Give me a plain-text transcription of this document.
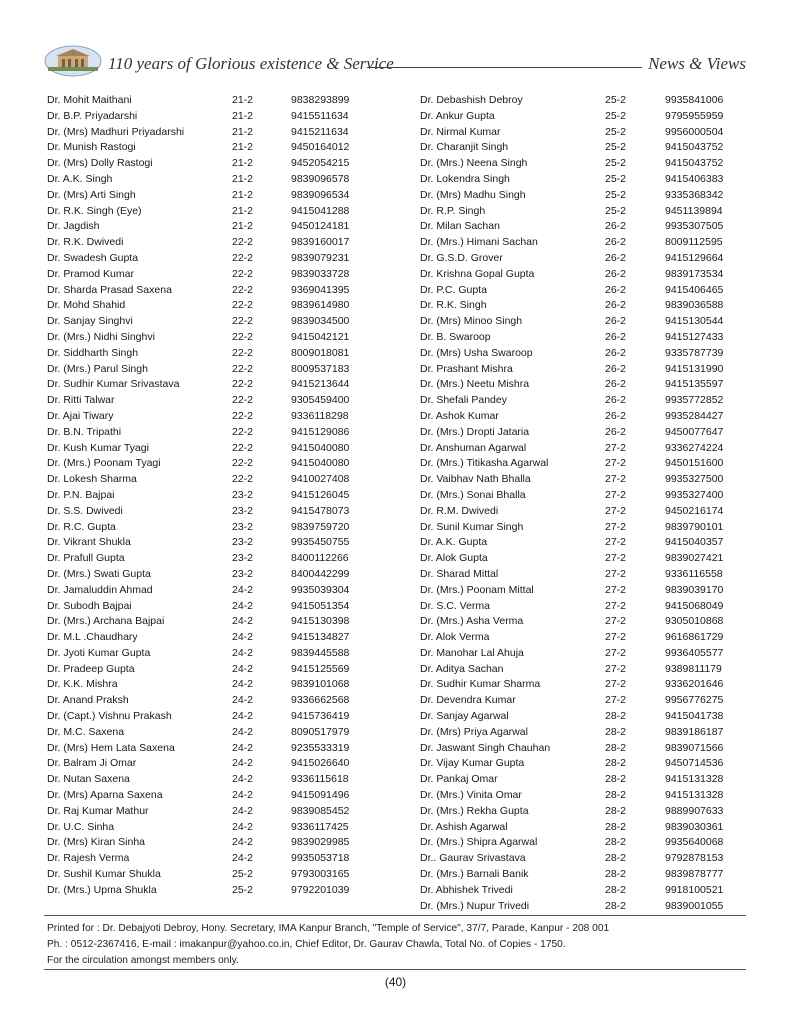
110 years of Glorious existence & Service	News & Views
Dr. Mohit Maithani	21-2	9838293899
Dr. B.P. Priyadarshi	21-2	9415511634
Dr. (Mrs) Madhuri Priyadarshi	21-2	9415211634
Dr. Munish Rastogi	21-2	9450164012
Dr. (Mrs) Dolly Rastogi	21-2	9452054215
Dr. A.K. Singh	21-2	9839096578
Dr. (Mrs) Arti Singh	21-2	9839096534
Dr. R.K. Singh (Eye)	21-2	9415041288
Dr. Jagdish	21-2	9450124181
Dr. R.K. Dwivedi	22-2	9839160017
Dr. Swadesh Gupta	22-2	9839079231
Dr. Pramod Kumar	22-2	9839033728
Dr. Sharda Prasad Saxena	22-2	9369041395
Dr. Mohd Shahid	22-2	9839614980
Dr. Sanjay Singhvi	22-2	9839034500
Dr. (Mrs.) Nidhi Singhvi	22-2	9415042121
Dr. Siddharth Singh	22-2	8009018081
Dr. (Mrs.) Parul Singh	22-2	8009537183
Dr. Sudhir Kumar Srivastava	22-2	9415213644
Dr. Ritti Talwar	22-2	9305459400
Dr. Ajai Tiwary	22-2	9336118298
Dr. B.N. Tripathi	22-2	9415129086
Dr. Kush Kumar Tyagi	22-2	9415040080
Dr. (Mrs.) Poonam Tyagi	22-2	9415040080
Dr. Lokesh Sharma	22-2	9410027408
Dr. P.N. Bajpai	23-2	9415126045
Dr. S.S. Dwivedi	23-2	9415478073
Dr. R.C. Gupta	23-2	9839759720
Dr. Vikrant Shukla	23-2	9935450755
Dr. Prafull Gupta	23-2	8400112266
Dr. (Mrs.) Swati Gupta	23-2	8400442299
Dr. Jamaluddin Ahmad	24-2	9935039304
Dr. Subodh Bajpai	24-2	9415051354
Dr. (Mrs.) Archana Bajpai	24-2	9415130398
Dr. M.L .Chaudhary	24-2	9415134827
Dr. Jyoti Kumar Gupta	24-2	9839445588
Dr. Pradeep Gupta	24-2	9415125569
Dr. K.K. Mishra	24-2	9839101068
Dr. Anand Praksh	24-2	9336662568
Dr. (Capt.) Vishnu Prakash	24-2	9415736419
Dr. M.C. Saxena	24-2	8090517979
Dr. (Mrs) Hem Lata Saxena	24-2	9235533319
Dr. Balram Ji Omar	24-2	9415026640
Dr. Nutan Saxena	24-2	9336115618
Dr. (Mrs) Aparna Saxena	24-2	9415091496
Dr. Raj Kumar Mathur	24-2	9839085452
Dr. U.C. Sinha	24-2	9336117425
Dr. (Mrs) Kiran Sinha	24-2	9839029985
Dr. Rajesh Verma	24-2	9935053718
Dr. Sushil Kumar Shukla	25-2	9793003165
Dr. (Mrs.) Upma Shukla	25-2	9792201039
Dr. Debashish Debroy	25-2	9935841006
Dr. Ankur Gupta	25-2	9795955959
Dr. Nirmal Kumar	25-2	9956000504
Dr. Charanjit Singh	25-2	9415043752
Dr. (Mrs.) Neena Singh	25-2	9415043752
Dr. Lokendra Singh	25-2	9415406383
Dr. (Mrs) Madhu Singh	25-2	9335368342
Dr. R.P. Singh	25-2	9451139894
Dr. Milan Sachan	26-2	9935307505
Dr. (Mrs.) Himani Sachan	26-2	8009112595
Dr. G.S.D. Grover	26-2	9415129664
Dr. Krishna Gopal Gupta	26-2	9839173534
Dr. P.C. Gupta	26-2	9415406465
Dr. R.K. Singh	26-2	9839036588
Dr. (Mrs) Minoo Singh	26-2	9415130544
Dr. B. Swaroop	26-2	9415127433
Dr. (Mrs) Usha Swaroop	26-2	9335787739
Dr. Prashant Mishra	26-2	9415131990
Dr. (Mrs.) Neetu Mishra	26-2	9415135597
Dr. Shefali Pandey	26-2	9935772852
Dr. Ashok Kumar	26-2	9935284427
Dr. (Mrs.) Dropti Jataria	26-2	9450077647
Dr. Anshuman Agarwal	27-2	9336274224
Dr. (Mrs.) Titikasha Agarwal	27-2	9450151600
Dr. Vaibhav Nath Bhalla	27-2	9935327500
Dr. (Mrs.) Sonai Bhalla	27-2	9935327400
Dr. R.M. Dwivedi	27-2	9450216174
Dr. Sunil Kumar Singh	27-2	9839790101
Dr. A.K. Gupta	27-2	9415040357
Dr. Alok Gupta	27-2	9839027421
Dr. Sharad Mittal	27-2	9336116558
Dr. (Mrs.) Poonam Mittal	27-2	9839039170
Dr. S.C. Verma	27-2	9415068049
Dr. (Mrs.) Asha Verma	27-2	9305010868
Dr. Alok Verma	27-2	9616861729
Dr. Manohar Lal Ahuja	27-2	9936405577
Dr. Aditya Sachan	27-2	9389811179
Dr. Sudhir Kumar Sharma	27-2	9336201646
Dr. Devendra Kumar	27-2	9956776275
Dr. Sanjay Agarwal	28-2	9415041738
Dr. (Mrs) Priya Agarwal	28-2	9839186187
Dr. Jaswant Singh Chauhan	28-2	9839071566
Dr. Vijay Kumar Gupta	28-2	9450714536
Dr. Pankaj Omar	28-2	9415131328
Dr. (Mrs.) Vinita Omar	28-2	9415131328
Dr. (Mrs.) Rekha Gupta	28-2	9889907633
Dr. Ashish Agarwal	28-2	9839030361
Dr. (Mrs.) Shipra Agarwal	28-2	9935640068
Dr.. Gaurav Srivastava	28-2	9792878153
Dr. (Mrs.) Barnali Banik	28-2	9839878777
Dr. Abhishek Trivedi	28-2	9918100521
Dr. (Mrs.) Nupur Trivedi	28-2	9839001055
Printed for : Dr. Debajyoti Debroy, Hony. Secretary, IMA Kanpur Branch, "Temple of Service", 37/7, Parade, Kanpur - 208 001
Ph. : 0512-2367416, E-mail : imakanpur@yahoo.co.in, Chief Editor, Dr. Gaurav Chawla, Total No. of Copies - 1750.
For the circulation amongst members only.
(40)
